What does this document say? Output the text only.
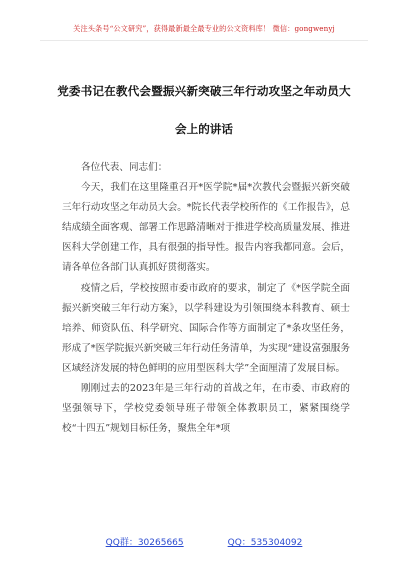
关注头条号“公文研究”，获得最新最全最专业的公文资料库！ 微信：gongwenyj
党委书记在教代会暨振兴新突破三年行动攻坚之年动员大
会上的讲话

各位代表、同志们：

今天，我们在这里隆重召开*医学院*届*次教代会暨振兴新突破三年行动攻坚之年动员大会。*院长代表学校所作的《工作报告》，总结成绩全面客观、部署工作思路清晰对于推进学校高质量发展、推进医科大学创建工作，具有很强的指导性。报告内容我都同意。会后，请各单位各部门认真抓好贯彻落实。

疫情之后，学校按照市委市政府的要求，制定了《*医学院全面振兴新突破三年行动方案》，以学科建设为引领围绕本科教育、硕士培养、师资队伍、科学研究、国际合作等方面制定了*条攻坚任务，形成了*医学院振兴新突破三年行动任务清单，为实现“建设富强服务区域经济发展的特色鲜明的应用型医科大学”全面厘清了发展目标。

刚刚过去的2023年是三年行动的首战之年，在市委、市政府的坚强领导下，学校党委领导班子带领全体教职员工，紧紧围绕学校“十四五”规划目标任务，聚焦全年*项

QQ群：30265665	QQ：535304092
